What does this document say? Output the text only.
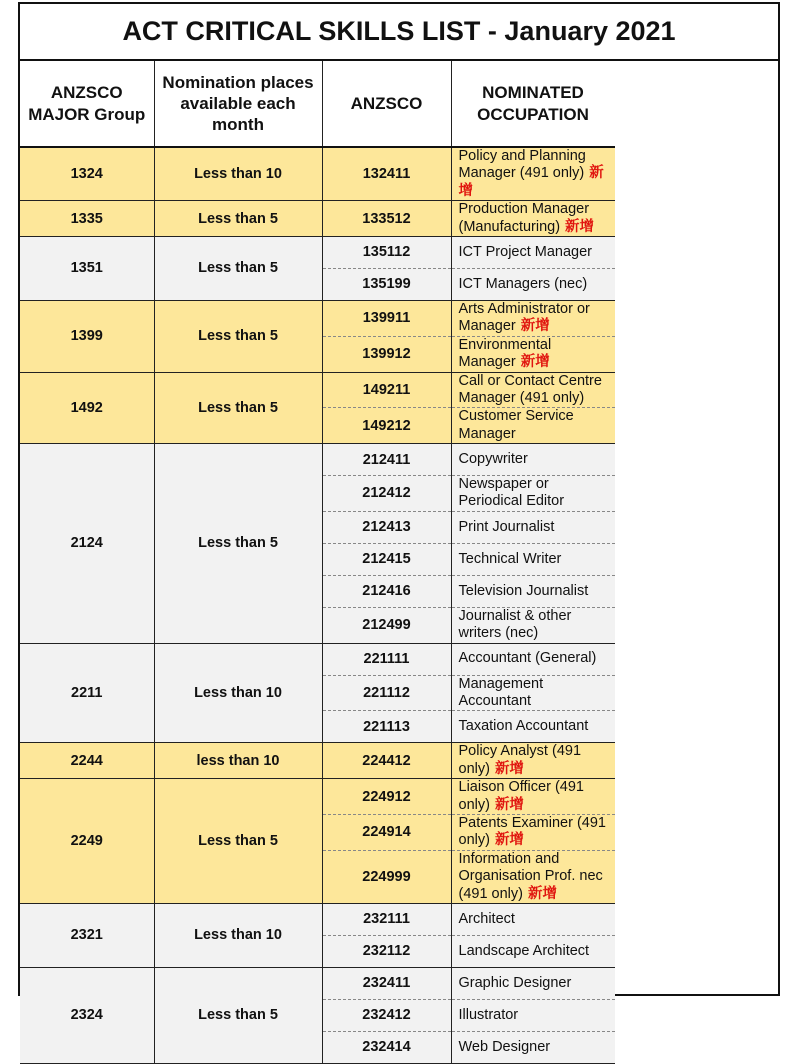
ACT CRITICAL SKILLS LIST - January 2021
ANZSCO MAJOR Group	Nomination places available each month	ANZSCO	NOMINATED OCCUPATION
1324	Less than 10	132411	Policy and Planning Manager (491 only) 新增
1335	Less than 5	133512	Production Manager (Manufacturing) 新增
1351	Less than 5	135112	ICT Project Manager
		135199	ICT Managers (nec)
1399	Less than 5	139911	Arts Administrator or Manager 新增
		139912	Environmental Manager 新增
1492	Less than 5	149211	Call or Contact Centre Manager (491 only)
		149212	Customer Service Manager
2124	Less than 5	212411	Copywriter
		212412	Newspaper or Periodical Editor
		212413	Print Journalist
		212415	Technical Writer
		212416	Television Journalist
		212499	Journalist & other writers (nec)
2211	Less than 10	221111	Accountant (General)
		221112	Management Accountant
		221113	Taxation Accountant
2244	less than 10	224412	Policy Analyst (491 only) 新增
2249	Less than 5	224912	Liaison Officer (491 only) 新增
		224914	Patents Examiner (491 only) 新增
		224999	Information and Organisation Prof. nec (491 only) 新增
2321	Less than 10	232111	Architect
		232112	Landscape Architect
2324	Less than 5	232411	Graphic Designer
		232412	Illustrator
		232414	Web Designer
